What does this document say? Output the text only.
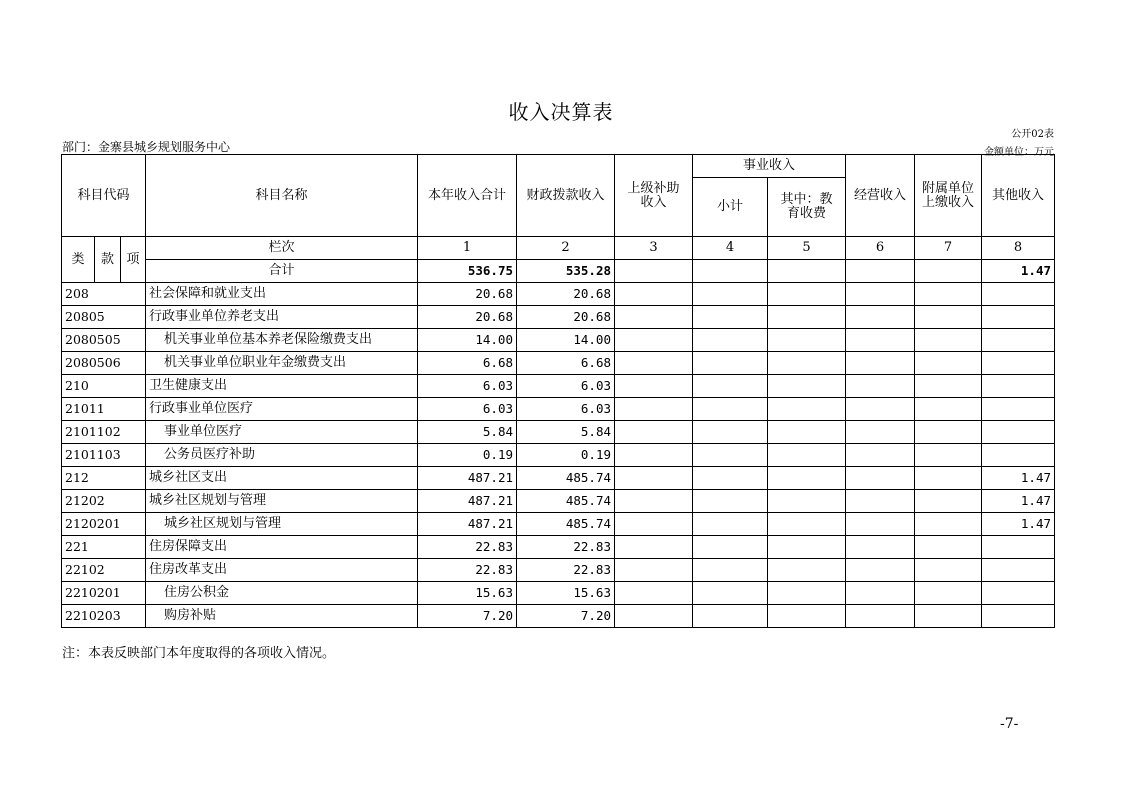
收入决算表
公开02表
部门：金寨县城乡规划服务中心	金额单位：万元
科目代码			科目名称	本年收入合计	财政拨款收入	上级补助收入	事业收入		经营收入	附属单位上缴收入	其他收入
							小计	其中：教育收费			
类	款	项	栏次	1	2	3	4	5	6	7	8
			合计	536.75	535.28						1.47
208			社会保障和就业支出	20.68	20.68						
20805			行政事业单位养老支出	20.68	20.68						
2080505			机关事业单位基本养老保险缴费支出	14.00	14.00						
2080506			机关事业单位职业年金缴费支出	6.68	6.68						
210			卫生健康支出	6.03	6.03						
21011			行政事业单位医疗	6.03	6.03						
2101102			事业单位医疗	5.84	5.84						
2101103			公务员医疗补助	0.19	0.19						
212			城乡社区支出	487.21	485.74						1.47
21202			城乡社区规划与管理	487.21	485.74						1.47
2120201			城乡社区规划与管理	487.21	485.74						1.47
221			住房保障支出	22.83	22.83						
22102			住房改革支出	22.83	22.83						
2210201			住房公积金	15.63	15.63						
2210203			购房补贴	7.20	7.20						
注：本表反映部门本年度取得的各项收入情况。
-7-
